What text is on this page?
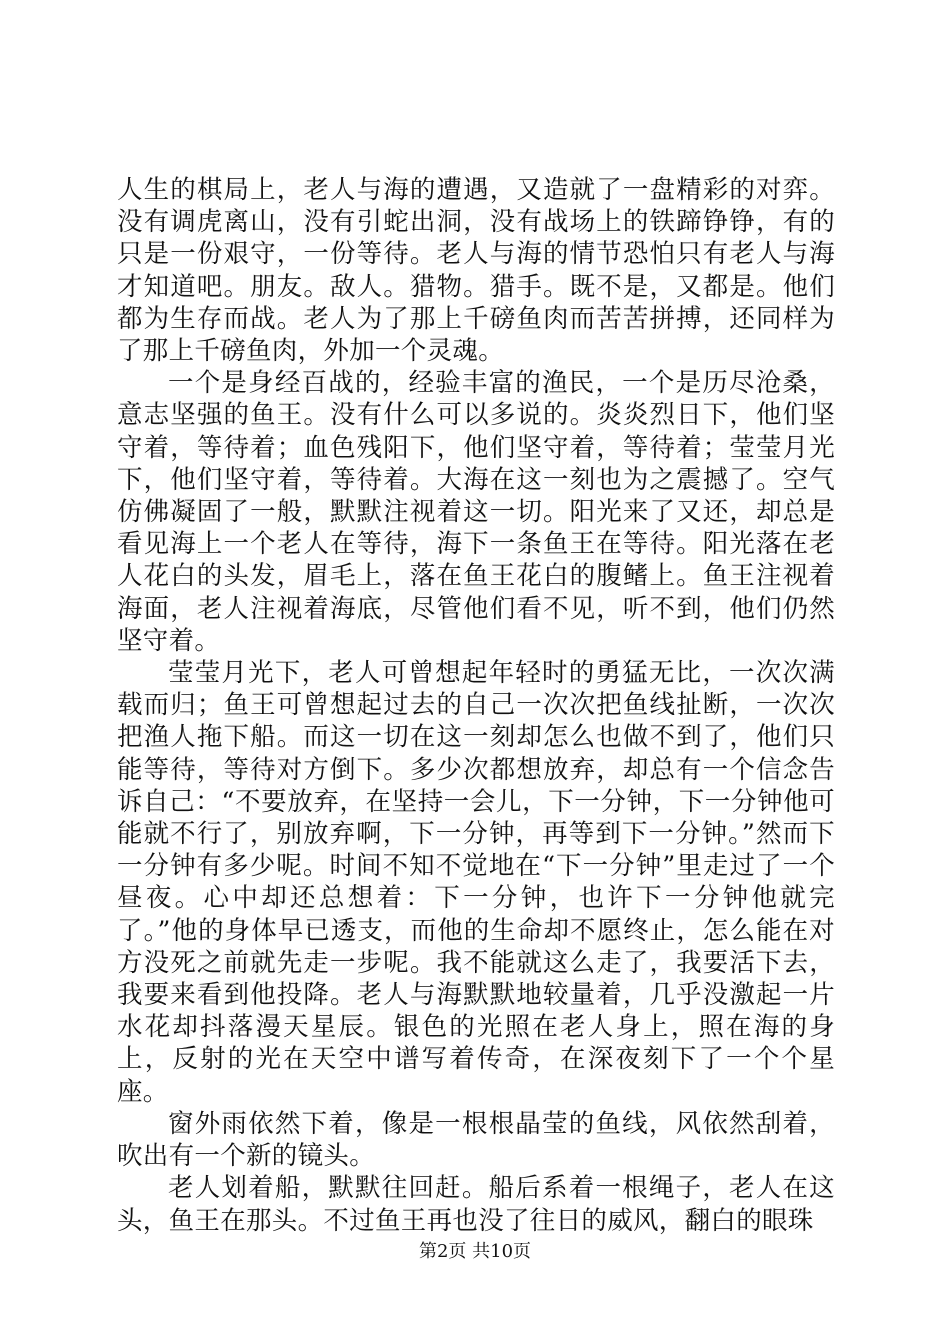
人生的棋局上，老人与海的遭遇，又造就了一盘精彩的对弈。没有调虎离山，没有引蛇出洞，没有战场上的铁蹄铮铮，有的只是一份艰守，一份等待。老人与海的情节恐怕只有老人与海才知道吧。朋友。敌人。猎物。猎手。既不是，又都是。他们都为生存而战。老人为了那上千磅鱼肉而苦苦拼搏，还同样为了那上千磅鱼肉，外加一个灵魂。

一个是身经百战的，经验丰富的渔民，一个是历尽沧桑，意志坚强的鱼王。没有什么可以多说的。炎炎烈日下，他们坚守着，等待着；血色残阳下，他们坚守着，等待着；莹莹月光下，他们坚守着，等待着。大海在这一刻也为之震撼了。空气仿佛凝固了一般，默默注视着这一切。阳光来了又还，却总是看见海上一个老人在等待，海下一条鱼王在等待。阳光落在老人花白的头发，眉毛上，落在鱼王花白的腹鳍上。鱼王注视着海面，老人注视着海底，尽管他们看不见，听不到，他们仍然坚守着。

莹莹月光下，老人可曾想起年轻时的勇猛无比，一次次满载而归；鱼王可曾想起过去的自己一次次把鱼线扯断，一次次把渔人拖下船。而这一切在这一刻却怎么也做不到了，他们只能等待，等待对方倒下。多少次都想放弃，却总有一个信念告诉自己：“不要放弃，在坚持一会儿，下一分钟，下一分钟他可能就不行了，别放弃啊，下一分钟，再等到下一分钟。”然而下一分钟有多少呢。时间不知不觉地在“下一分钟”里走过了一个昼夜。心中却还总想着：下一分钟，也许下一分钟他就完了。”他的身体早已透支，而他的生命却不愿终止，怎么能在对方没死之前就先走一步呢。我不能就这么走了，我要活下去，我要来看到他投降。老人与海默默地较量着，几乎没激起一片水花却抖落漫天星辰。银色的光照在老人身上，照在海的身上，反射的光在天空中谱写着传奇，在深夜刻下了一个个星座。

窗外雨依然下着，像是一根根晶莹的鱼线，风依然刮着，吹出有一个新的镜头。

老人划着船，默默往回赶。船后系着一根绳子，老人在这头，鱼王在那头。不过鱼王再也没了往日的威风，翻白的眼珠

第2页 共10页
